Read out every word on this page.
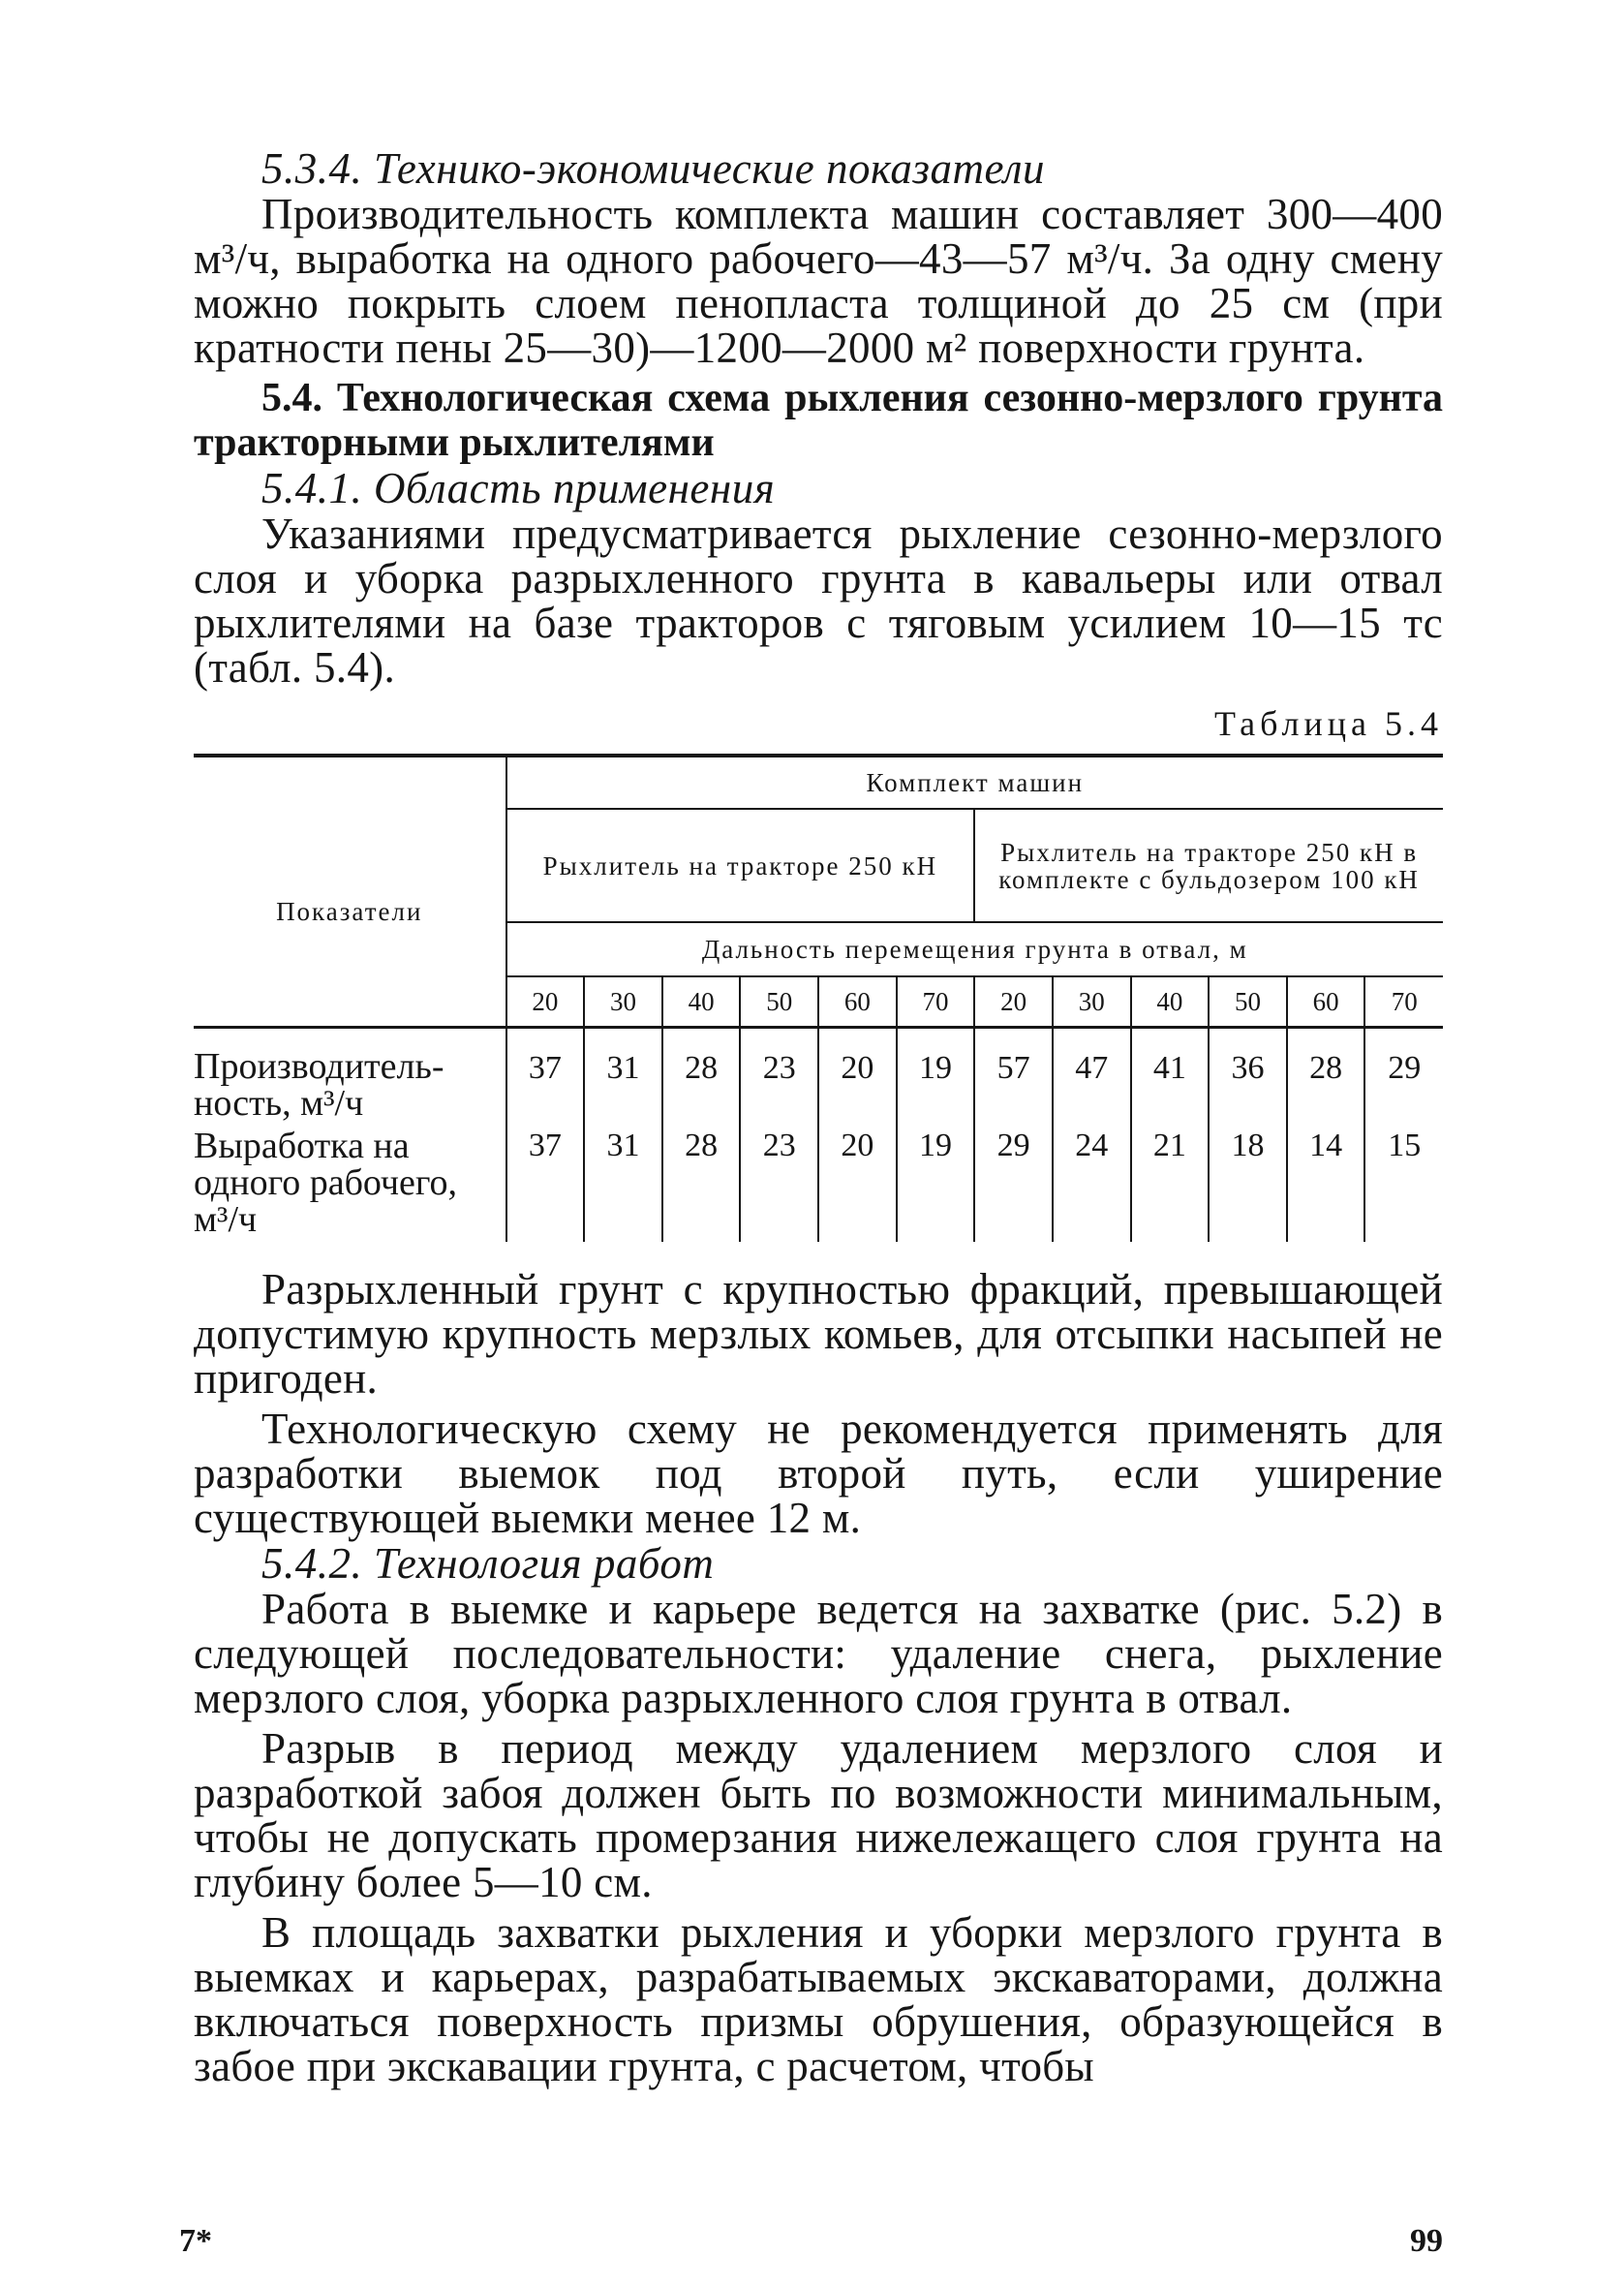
5.3.4. Технико-экономические показатели

Производительность комплекта машин составляет 300—400 м³/ч, выработка на одного рабочего—43—57 м³/ч. За одну смену можно покрыть слоем пенопласта толщиной до 25 см (при кратности пены 25—30)—1200—2000 м² поверхности грунта.

5.4. Технологическая схема рыхления сезонно-мерзлого грунта тракторными рыхлителями

5.4.1. Область применения

Указаниями предусматривается рыхление сезонно-мерзлого слоя и уборка разрыхленного грунта в кавальеры или отвал рыхлителями на базе тракторов с тяговым усилием 10—15 тс (табл. 5.4).

Таблица 5.4
Показатели	Комплект машин											
	Рыхлитель на тракторе 250 кН						Рыхлитель на тракторе 250 кН в комплекте с бульдозером 100 кН					
	Дальность перемещения грунта в отвал, м											
	20	30	40	50	60	70	20	30	40	50	60	70
Производитель-ность, м³/ч	37	31	28	23	20	19	57	47	41	36	28	29
Выработка на одного рабочего, м³/ч	37	31	28	23	20	19	29	24	21	18	14	15

Разрыхленный грунт с крупностью фракций, превышающей допустимую крупность мерзлых комьев, для отсыпки насыпей не пригоден.

Технологическую схему не рекомендуется применять для разработки выемок под второй путь, если уширение существующей выемки менее 12 м.

5.4.2. Технология работ

Работа в выемке и карьере ведется на захватке (рис. 5.2) в следующей последовательности: удаление снега, рыхление мерзлого слоя, уборка разрыхленного слоя грунта в отвал.

Разрыв в период между удалением мерзлого слоя и разработкой забоя должен быть по возможности минимальным, чтобы не допускать промерзания нижележащего слоя грунта на глубину более 5—10 см.

В площадь захватки рыхления и уборки мерзлого грунта в выемках и карьерах, разрабатываемых экскаваторами, должна включаться поверхность призмы обрушения, образующейся в забое при экскавации грунта, с расчетом, чтобы

7*	99
